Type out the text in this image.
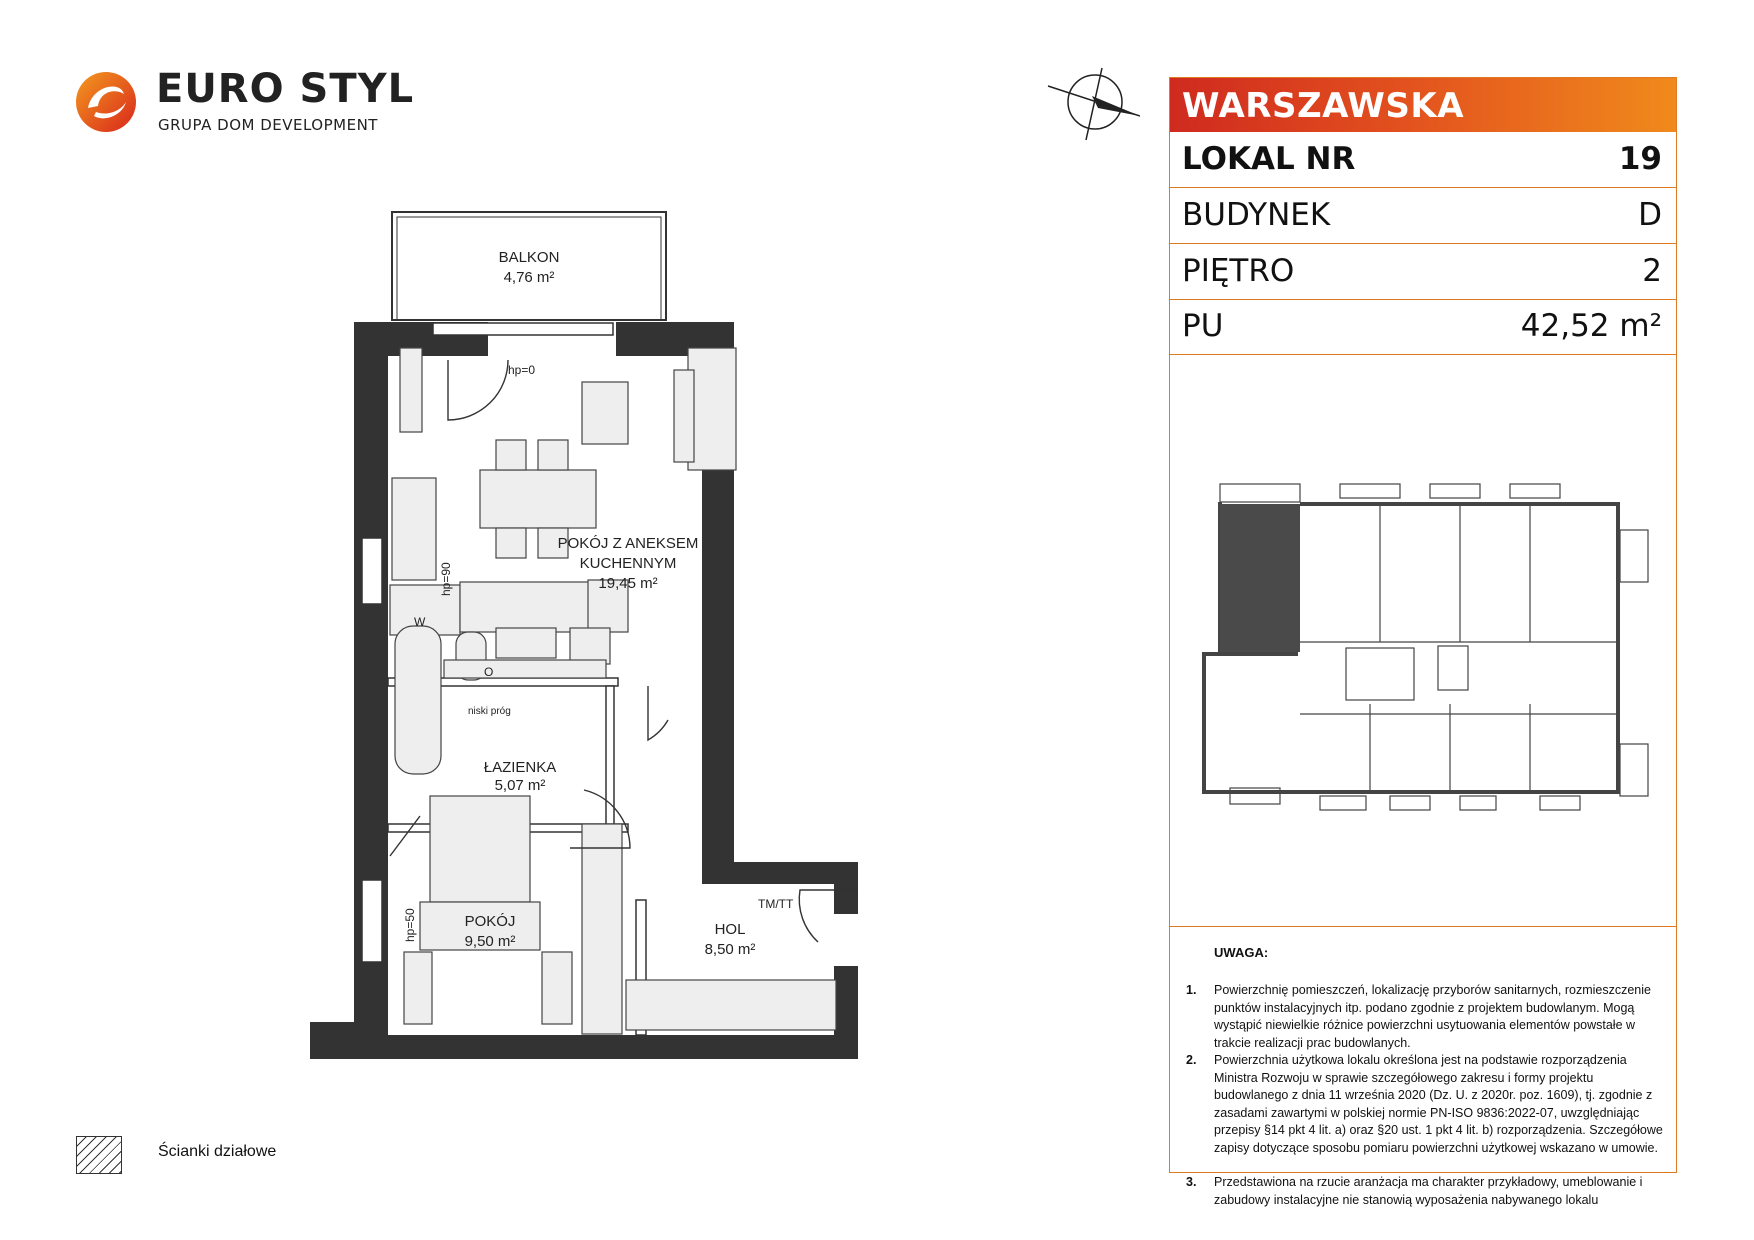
EURO STYL
GRUPA DOM DEVELOPMENT
BALKON
4,76 m²
POKÓJ Z ANEKSEM
KUCHENNYM
19,45 m²
ŁAZIENKA
5,07 m²
POKÓJ
9,50 m²
HOL
8,50 m²
hp=0
hp=90
hp=50
niski próg
TM/TT
W
O
WARSZAWSKA
LOKAL NR	19
BUDYNEK	D
PIĘTRO	2
PU	42,52 m²
UWAGA:
1. Powierzchnię pomieszczeń, lokalizację przyborów sanitarnych, rozmieszczenie punktów instalacyjnych itp. podano zgodnie z projektem budowlanym. Mogą wystąpić niewielkie różnice powierzchni usytuowania elementów powstałe w trakcie realizacji prac budowlanych.
2. Powierzchnia użytkowa lokalu określona jest na podstawie rozporządzenia Ministra Rozwoju w sprawie szczegółowego zakresu i formy projektu budowlanego z dnia 11 września 2020 (Dz. U. z 2020r. poz. 1609), tj. zgodnie z zasadami zawartymi w polskiej normie PN-ISO 9836:2022-07, uwzględniając przepisy §14 pkt 4 lit. a) oraz §20 ust. 1 pkt 4 lit. b) rozporządzenia. Szczegółowe zapisy dotyczące sposobu pomiaru powierzchni użytkowej wskazano w umowie.
3. Przedstawiona na rzucie aranżacja ma charakter przykładowy, umeblowanie i zabudowy instalacyjne nie stanowią wyposażenia nabywanego lokalu
Ścianki działowe
